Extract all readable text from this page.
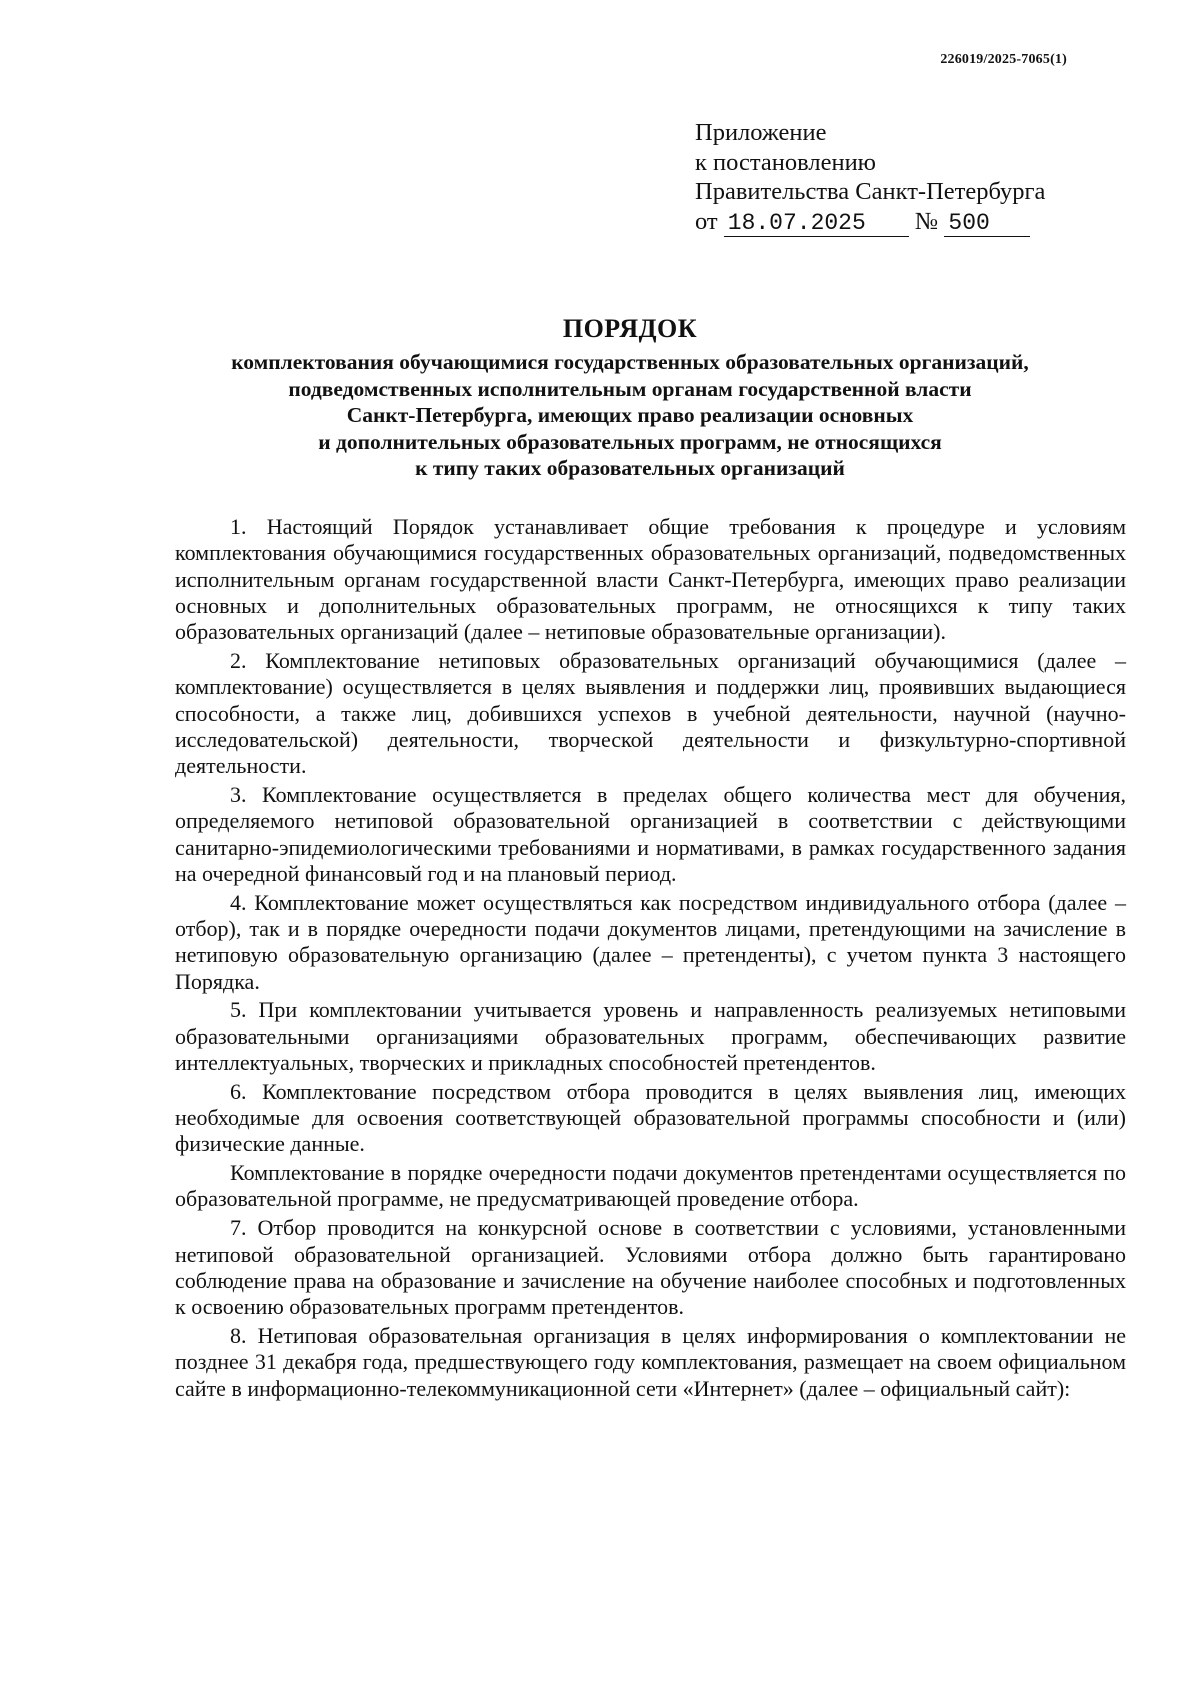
226019/2025-7065(1)
Приложение
к постановлению
Правительства Санкт-Петербурга
от 18.07.2025 № 500
ПОРЯДОК
комплектования обучающимися государственных образовательных организаций,
подведомственных исполнительным органам государственной власти
Санкт-Петербурга, имеющих право реализации основных
и дополнительных образовательных программ, не относящихся
к типу таких образовательных организаций

1. Настоящий Порядок устанавливает общие требования к процедуре и условиям комплектования обучающимися государственных образовательных организаций, подведомственных исполнительным органам государственной власти Санкт-Петербурга, имеющих право реализации основных и дополнительных образовательных программ, не относящихся к типу таких образовательных организаций (далее – нетиповые образовательные организации).

2. Комплектование нетиповых образовательных организаций обучающимися (далее – комплектование) осуществляется в целях выявления и поддержки лиц, проявивших выдающиеся способности, а также лиц, добившихся успехов в учебной деятельности, научной (научно-исследовательской) деятельности, творческой деятельности и физкультурно-спортивной деятельности.

3. Комплектование осуществляется в пределах общего количества мест для обучения, определяемого нетиповой образовательной организацией в соответствии с действующими санитарно-эпидемиологическими требованиями и нормативами, в рамках государственного задания на очередной финансовый год и на плановый период.

4. Комплектование может осуществляться как посредством индивидуального отбора (далее – отбор), так и в порядке очередности подачи документов лицами, претендующими на зачисление в нетиповую образовательную организацию (далее – претенденты), с учетом пункта 3 настоящего Порядка.

5. При комплектовании учитывается уровень и направленность реализуемых нетиповыми образовательными организациями образовательных программ, обеспечивающих развитие интеллектуальных, творческих и прикладных способностей претендентов.

6. Комплектование посредством отбора проводится в целях выявления лиц, имеющих необходимые для освоения соответствующей образовательной программы способности и (или) физические данные.

Комплектование в порядке очередности подачи документов претендентами осуществляется по образовательной программе, не предусматривающей проведение отбора.

7. Отбор проводится на конкурсной основе в соответствии с условиями, установленными нетиповой образовательной организацией. Условиями отбора должно быть гарантировано соблюдение права на образование и зачисление на обучение наиболее способных и подготовленных к освоению образовательных программ претендентов.

8. Нетиповая образовательная организация в целях информирования о комплектовании не позднее 31 декабря года, предшествующего году комплектования, размещает на своем официальном сайте в информационно-телекоммуникационной сети «Интернет» (далее – официальный сайт):
